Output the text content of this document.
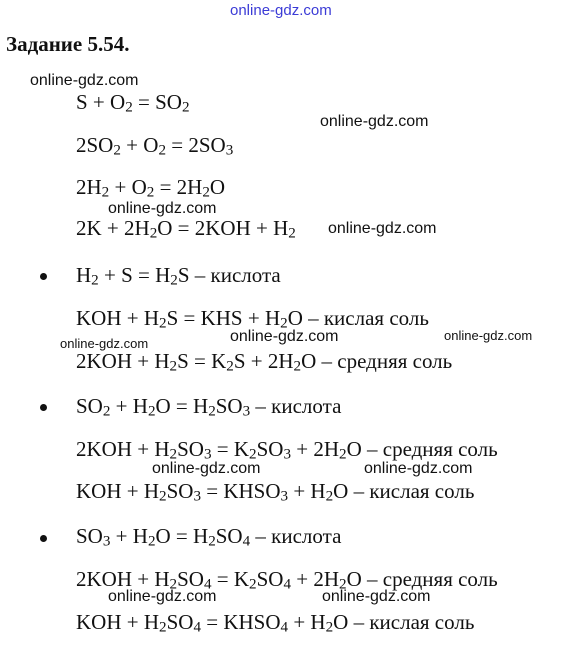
online-gdz.com
Задание 5.54.
online-gdz.com
online-gdz.com
online-gdz.com
online-gdz.com
online-gdz.com	online-gdz.com
online-gdz.com
online-gdz.com	online-gdz.com
online-gdz.com	online-gdz.com
$S + O_2 = SO_2$
$2SO_2 + O_2 = 2SO_3$
$2H_2 + O_2 = 2H_2O$
$2K + 2H_2O = 2KOH + H_2$
$H_2 + S = H_2S$ – кислота
KOH + $H_2S$ = KHS + $H_2O$ – кислая соль
$2KOH + H_2S = K_2S + 2H_2O$ – средняя соль
$SO_2 + H_2O = H_2SO_3$ – кислота
$2KOH + H_2SO_3 = K_2SO_3 + 2H_2O$ – средняя соль
KOH + $H_2SO_3$ = $KHSO_3 + H_2O$ – кислая соль
$SO_3 + H_2O = H_2SO_4$ – кислота
$2KOH + H_2SO_4 = K_2SO_4 + 2H_2O$ – средняя соль
KOH + $H_2SO_4$ = $KHSO_4 + H_2O$ – кислая соль
